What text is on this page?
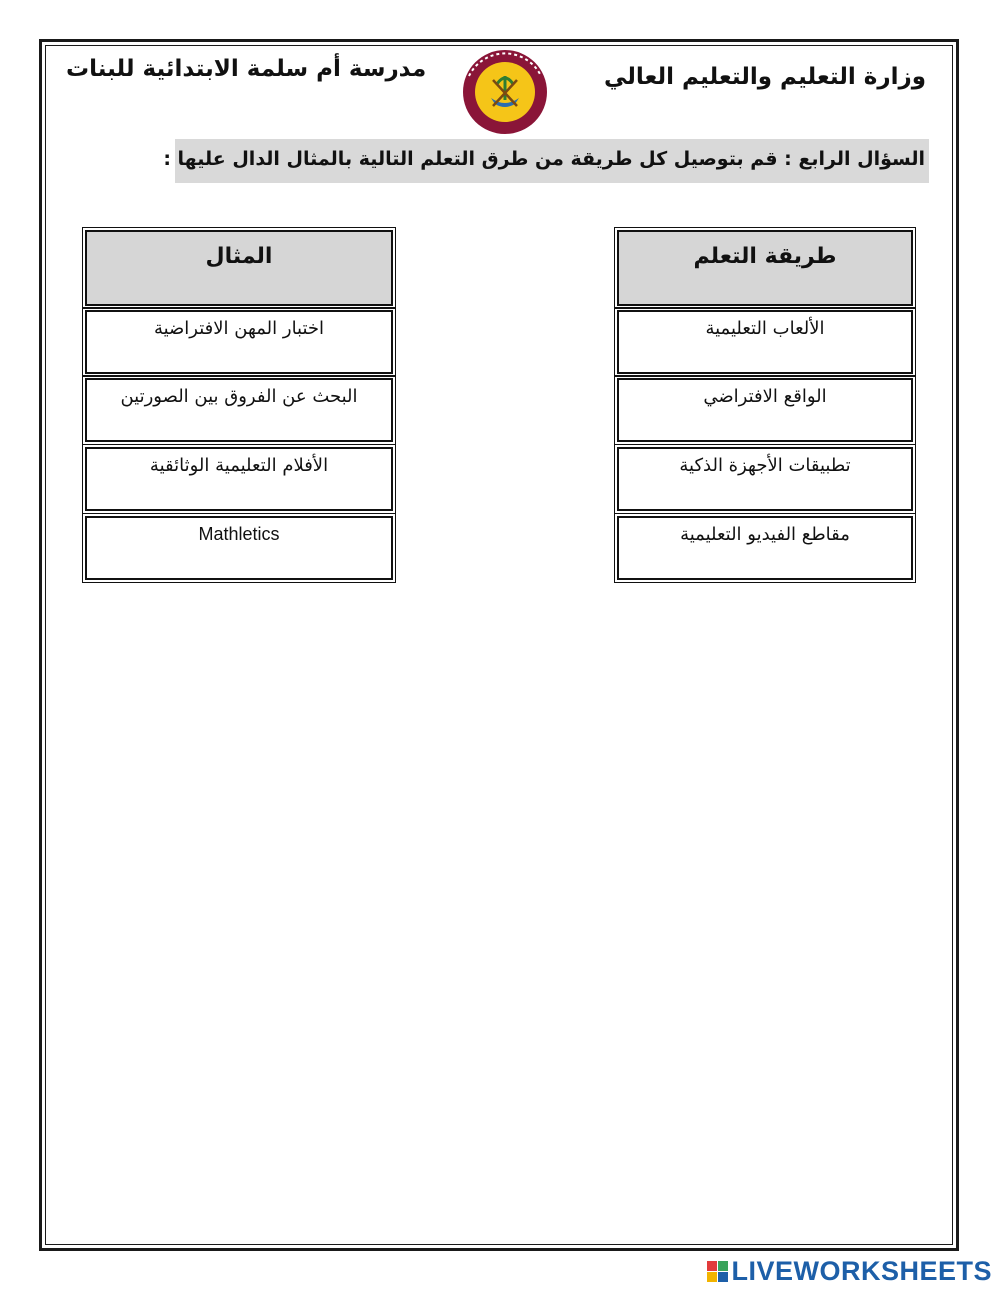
وزارة التعليم والتعليم العالي
مدرسة أم سلمة الابتدائية للبنات
السؤال الرابع : قم بتوصيل كل طريقة من طرق التعلم التالية بالمثال الدال عليها :
طريقة التعلم
الألعاب التعليمية
الواقع الافتراضي
تطبيقات الأجهزة الذكية
مقاطع الفيديو التعليمية
المثال
اختبار المهن الافتراضية
البحث عن الفروق بين الصورتين
الأفلام التعليمية الوثائقية
Mathletics
LIVEWORKSHEETS
